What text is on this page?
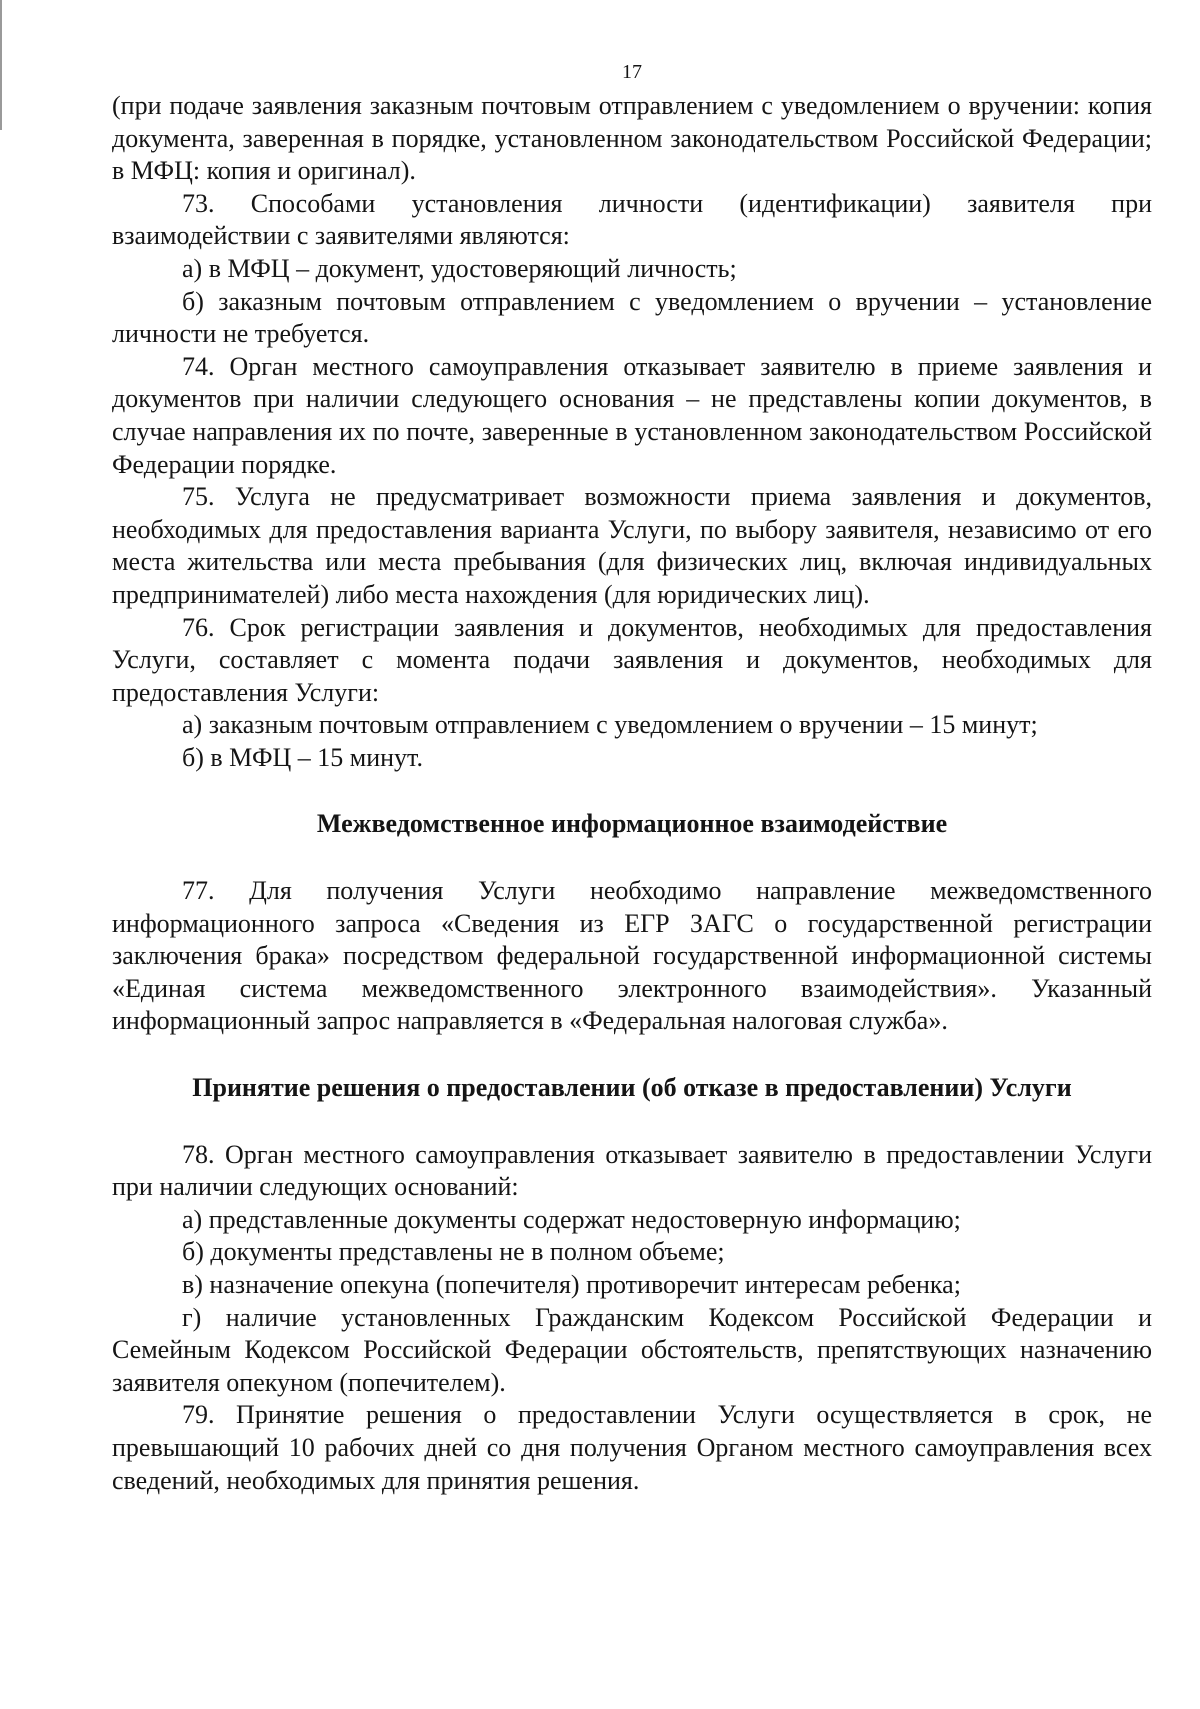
17

(при подаче заявления заказным почтовым отправлением с уведомлением о вручении: копия документа, заверенная в порядке, установленном законодательством Российской Федерации; в МФЦ: копия и оригинал).

73. Способами установления личности (идентификации) заявителя при взаимодействии с заявителями являются:

а) в МФЦ – документ, удостоверяющий личность;

б) заказным почтовым отправлением с уведомлением о вручении – установление личности не требуется.

74. Орган местного самоуправления отказывает заявителю в приеме заявления и документов при наличии следующего основания – не представлены копии документов, в случае направления их по почте, заверенные в установленном законодательством Российской Федерации порядке.

75. Услуга не предусматривает возможности приема заявления и документов, необходимых для предоставления варианта Услуги, по выбору заявителя, независимо от его места жительства или места пребывания (для физических лиц, включая индивидуальных предпринимателей) либо места нахождения (для юридических лиц).

76. Срок регистрации заявления и документов, необходимых для предоставления Услуги, составляет с момента подачи заявления и документов, необходимых для предоставления Услуги:

а) заказным почтовым отправлением с уведомлением о вручении – 15 минут;

б) в МФЦ – 15 минут.

Межведомственное информационное взаимодействие

77. Для получения Услуги необходимо направление межведомственного информационного запроса «Сведения из ЕГР ЗАГС о государственной регистрации заключения брака» посредством федеральной государственной информационной системы «Единая система межведомственного электронного взаимодействия». Указанный информационный запрос направляется в «Федеральная налоговая служба».

Принятие решения о предоставлении (об отказе в предоставлении) Услуги

78. Орган местного самоуправления отказывает заявителю в предоставлении Услуги при наличии следующих оснований:

а) представленные документы содержат недостоверную информацию;

б) документы представлены не в полном объеме;

в) назначение опекуна (попечителя) противоречит интересам ребенка;

г) наличие установленных Гражданским Кодексом Российской Федерации и Семейным Кодексом Российской Федерации обстоятельств, препятствующих назначению заявителя опекуном (попечителем).

79. Принятие решения о предоставлении Услуги осуществляется в срок, не превышающий 10 рабочих дней со дня получения Органом местного самоуправления всех сведений, необходимых для принятия решения.
